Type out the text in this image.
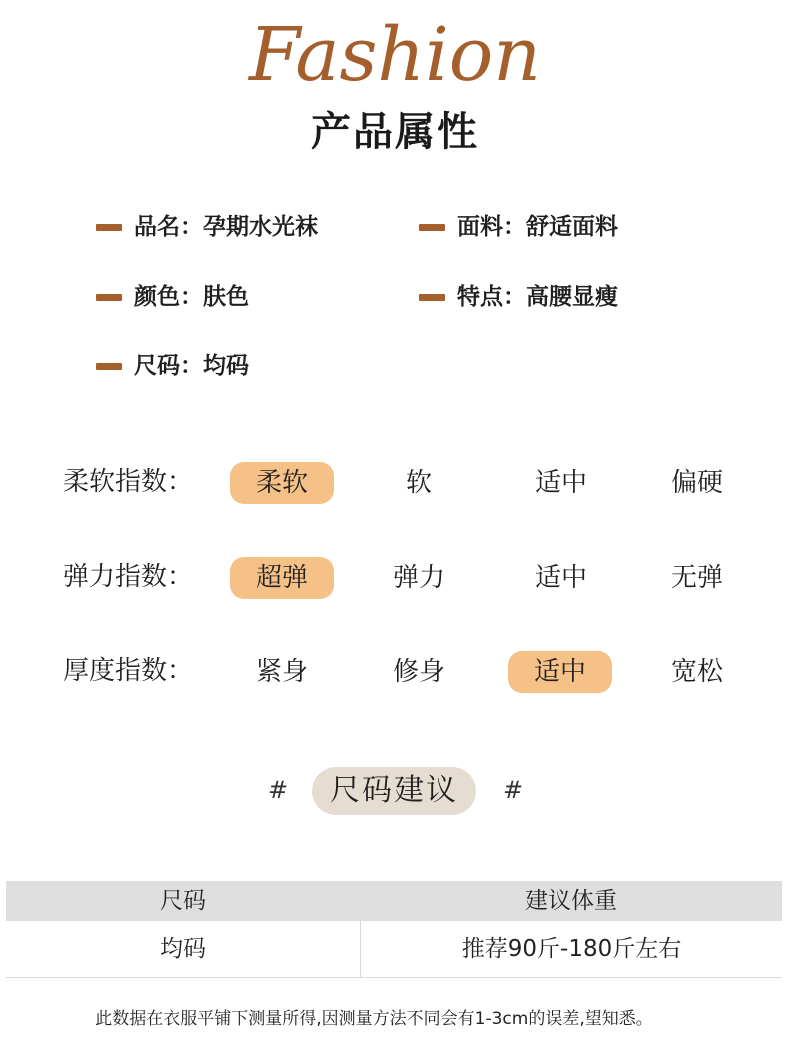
Fashion
产品属性
品名：孕期水光袜	面料：舒适面料
颜色：肤色	特点：高腰显瘦
尺码：均码
柔软指数：	柔软	软	适中	偏硬
弹力指数：	超弹	弹力	适中	无弹
厚度指数：	紧身	修身	适中	宽松
#	尺码建议	#
尺码	建议体重
均码	推荐90斤-180斤左右
此数据在衣服平铺下测量所得,因测量方法不同会有1-3cm的误差,望知悉。
